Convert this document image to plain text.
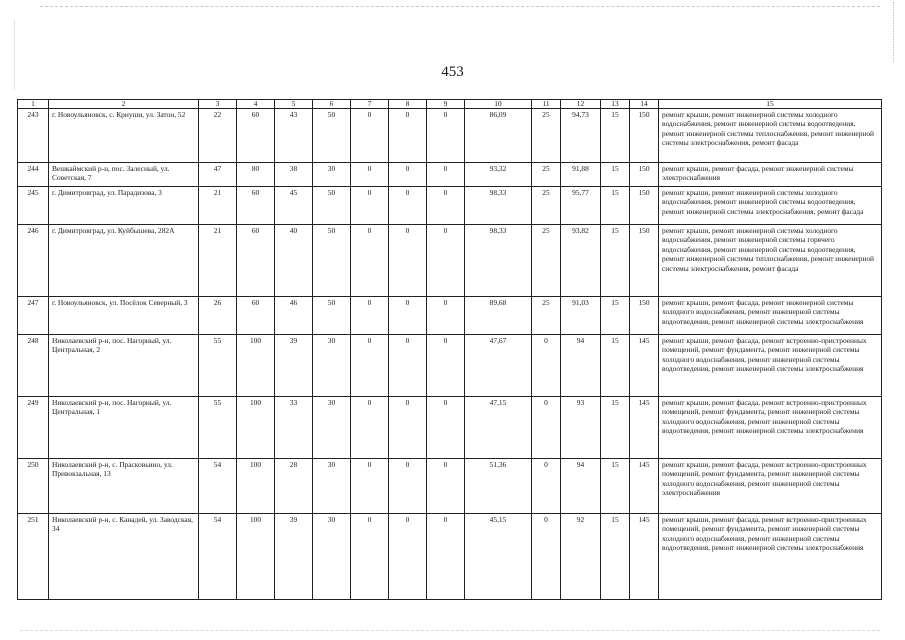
453
1	2	3	4	5	6	7	8	9	10	11	12	13	14	15
243	г. Новоульяновск, с. Криуши, ул. Затон, 52	22	60	43	50	0	0	0	86,09	25	94,73	15	150	ремонт крыши, ремонт инженерной системы холодного водоснабжения, ремонт инженерной системы водоотведения, ремонт инженерной системы теплоснабжения, ремонт инженерной системы электроснабжения, ремонт фасада
244	Вешкаймский р-н, пос. Залесный, ул. Советская, 7	47	80	38	30	0	0	0	93,32	25	91,88	15	150	ремонт крыши, ремонт фасада, ремонт инженерной системы электроснабжения
245	г. Димитровград, ул. Парадизова, 3	21	60	45	50	0	0	0	98,33	25	95,77	15	150	ремонт крыши, ремонт инженерной системы холодного водоснабжения, ремонт инженерной системы водоотведения, ремонт инженерной системы электроснабжения, ремонт фасада
246	г. Димитровград, ул. Куйбышева, 282А	21	60	40	50	0	0	0	98,33	25	93,82	15	150	ремонт крыши, ремонт инженерной системы холодного водоснабжения, ремонт инженерной системы горячего водоснабжения, ремонт инженерной системы водоотведения, ремонт инженерной системы теплоснабжения, ремонт инженерной системы электроснабжения, ремонт фасада
247	г. Новоульяновск, ул. Посёлок Северный, 3	26	60	46	50	0	0	0	89,68	25	91,03	15	150	ремонт крыши, ремонт фасада, ремонт инженерной системы холодного водоснабжения, ремонт инженерной системы водоотведения, ремонт инженерной системы электроснабжения
248	Николаевский р-н, пос. Нагорный, ул. Центральная, 2	55	100	39	30	0	0	0	47,67	0	94	15	145	ремонт крыши, ремонт фасада, ремонт встроенно-пристроенных помещений, ремонт фундамента, ремонт инженерной системы холодного водоснабжения, ремонт инженерной системы водоотведения, ремонт инженерной системы электроснабжения
249	Николаевский р-н, пос. Нагорный, ул. Центральная, 1	55	100	33	30	0	0	0	47,15	0	93	15	145	ремонт крыши, ремонт фасада, ремонт встроенно-пристроенных помещений, ремонт фундамента, ремонт инженерной системы холодного водоснабжения, ремонт инженерной системы водоотведения, ремонт инженерной системы электроснабжения
250	Николаевский р-н, с. Прасковьино, ул. Привокзальная, 13	54	100	28	30	0	0	0	51,36	0	94	15	145	ремонт крыши, ремонт фасада, ремонт встроенно-пристроенных помещений, ремонт фундамента, ремонт инженерной системы холодного водоснабжения, ремонт инженерной системы электроснабжения
251	Николаевский р-н, с. Канадей, ул. Заводская, 34	54	100	39	30	0	0	0	45,15	0	92	15	145	ремонт крыши, ремонт фасада, ремонт встроенно-пристроенных помещений, ремонт фундамента, ремонт инженерной системы холодного водоснабжения, ремонт инженерной системы водоотведения, ремонт инженерной системы электроснабжения
